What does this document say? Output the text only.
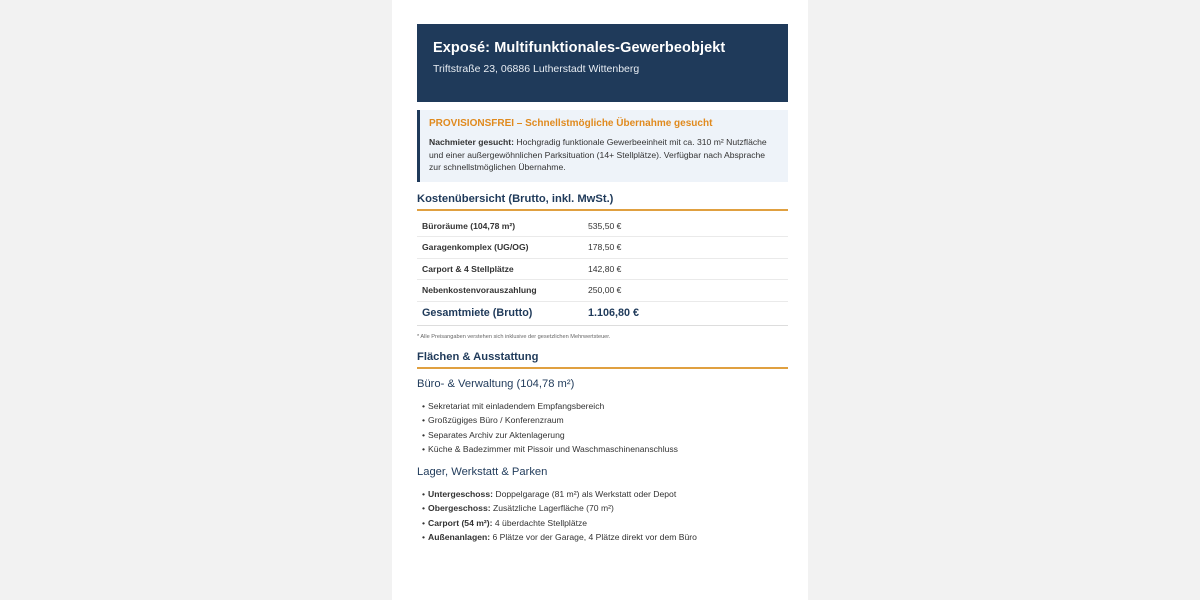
Exposé: Multifunktionales-Gewerbeobjekt
Triftstraße 23, 06886 Lutherstadt Wittenberg
PROVISIONSFREI – Schnellstmögliche Übernahme gesucht
Nachmieter gesucht: Hochgradig funktionale Gewerbeeinheit mit ca. 310 m² Nutzfläche und einer außergewöhnlichen Parksituation (14+ Stellplätze). Verfügbar nach Absprache zur schnellstmöglichen Übernahme.
Kostenübersicht (Brutto, inkl. MwSt.)
Büroräume (104,78 m²)	535,50 €
Garagenkomplex (UG/OG)	178,50 €
Carport & 4 Stellplätze	142,80 €
Nebenkostenvorauszahlung	250,00 €
Gesamtmiete (Brutto)	1.106,80 €
* Alle Preisangaben verstehen sich inklusive der gesetzlichen Mehrwertsteuer.
Flächen & Ausstattung
Büro- & Verwaltung (104,78 m²)
• Sekretariat mit einladendem Empfangsbereich
• Großzügiges Büro / Konferenzraum
• Separates Archiv zur Aktenlagerung
• Küche & Badezimmer mit Pissoir und Waschmaschinenanschluss
Lager, Werkstatt & Parken
• Untergeschoss: Doppelgarage (81 m²) als Werkstatt oder Depot
• Obergeschoss: Zusätzliche Lagerfläche (70 m²)
• Carport (54 m²): 4 überdachte Stellplätze
• Außenanlagen: 6 Plätze vor der Garage, 4 Plätze direkt vor dem Büro
